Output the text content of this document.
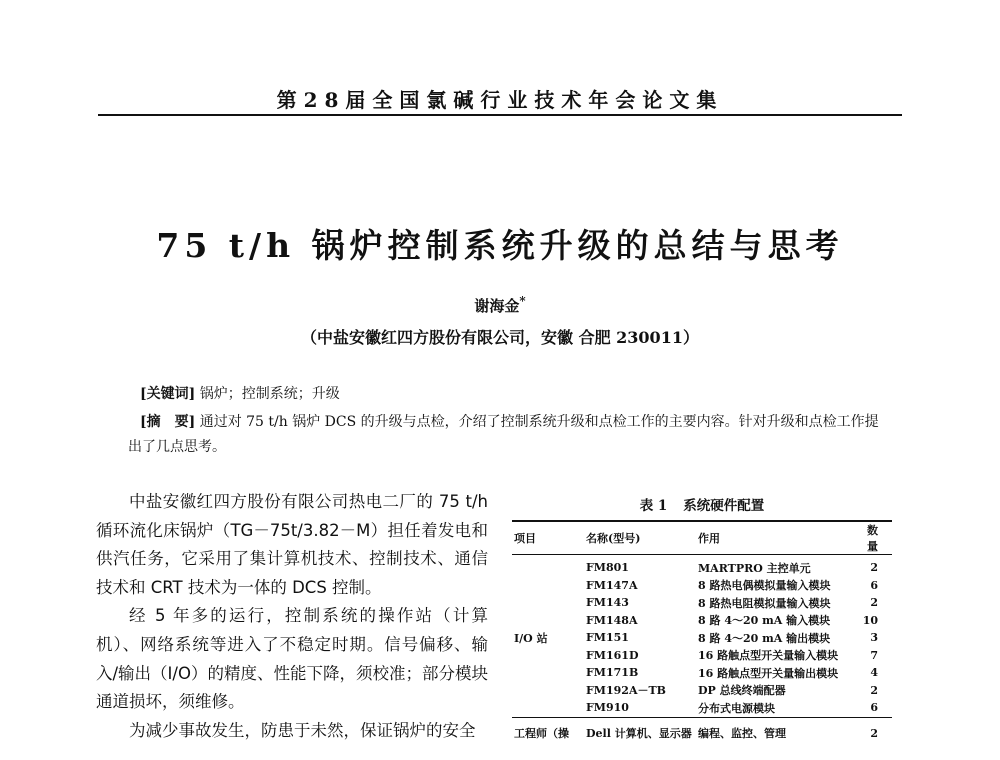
第28届全国氯碱行业技术年会论文集
75 t/h 锅炉控制系统升级的总结与思考
谢海金*
（中盐安徽红四方股份有限公司，安徽 合肥 230011）
[关键词] 锅炉；控制系统；升级
[摘　要] 通过对 75 t/h 锅炉 DCS 的升级与点检，介绍了控制系统升级和点检工作的主要内容。针对升级和点检工作提出了几点思考。

中盐安徽红四方股份有限公司热电二厂的 75 t/h 循环流化床锅炉（TG－75t/3.82－M）担任着发电和供汽任务，它采用了集计算机技术、控制技术、通信技术和 CRT 技术为一体的 DCS 控制。

经 5 年多的运行，控制系统的操作站（计算机）、网络系统等进入了不稳定时期。信号偏移、输入/输出（I/O）的精度、性能下降，须校准；部分模块通道损坏，须维修。

为减少事故发生，防患于未然，保证锅炉的安全

表 1 系统硬件配置
项目	名称(型号)	作用	数量
I/O 站	FM801	MARTPRO 主控单元	2
	FM147A	8 路热电偶模拟量输入模块	6
	FM143	8 路热电阻模拟量输入模块	2
	FM148A	8 路 4～20 mA 输入模块	10
	FM151	8 路 4～20 mA 输出模块	3
	FM161D	16 路触点型开关量输入模块	7
	FM171B	16 路触点型开关量输出模块	4
	FM192A－TB	DP 总线终端配器	2
	FM910	分布式电源模块	6
工程师（操	Dell 计算机、显示器	编程、监控、管理	2
